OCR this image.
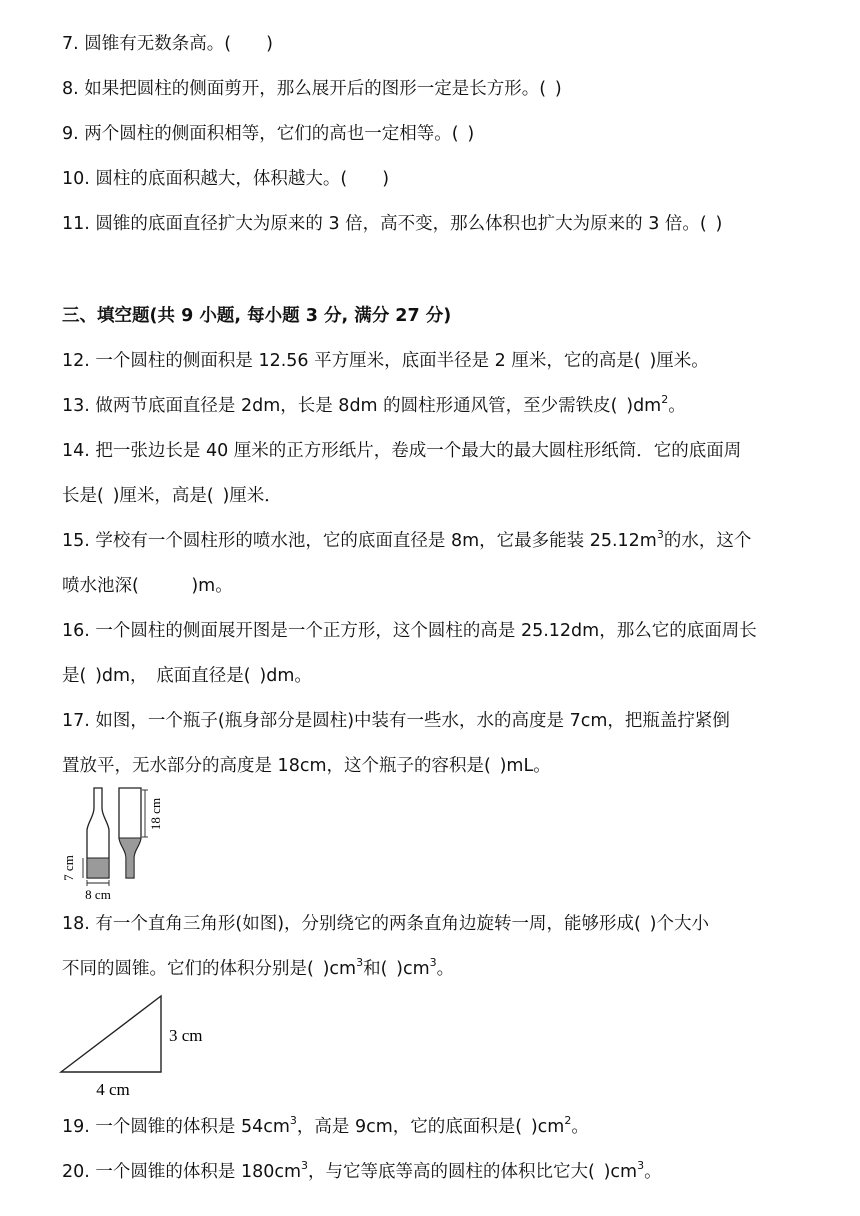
7. 圆锥有无数条高。(　　)
8. 如果把圆柱的侧面剪开，那么展开后的图形一定是长方形。( )
9. 两个圆柱的侧面积相等，它们的高也一定相等。( )
10. 圆柱的底面积越大，体积越大。(　　)
11. 圆锥的底面直径扩大为原来的 3 倍，高不变，那么体积也扩大为原来的 3 倍。( )
三、填空题(共 9 小题, 每小题 3 分, 满分 27 分)
12. 一个圆柱的侧面积是 12.56 平方厘米，底面半径是 2 厘米，它的高是( )厘米。
13. 做两节底面直径是 2dm，长是 8dm 的圆柱形通风管，至少需铁皮( )$dm^2$。
14. 把一张边长是 40 厘米的正方形纸片，卷成一个最大的最大圆柱形纸筒．它的底面周
长是( )厘米，高是( )厘米．
15. 学校有一个圆柱形的喷水池，它的底面直径是 8m，它最多能装 $25.12m^3$的水，这个
喷水池深(　　　)m。
16. 一个圆柱的侧面展开图是一个正方形，这个圆柱的高是 25.12dm，那么它的底面周长
是( )dm，　底面直径是( )dm。
17. 如图，一个瓶子(瓶身部分是圆柱)中装有一些水，水的高度是 7cm，把瓶盖拧紧倒
置放平，无水部分的高度是 18cm，这个瓶子的容积是( )mL。
18 cm
7 cm
8 cm
18. 有一个直角三角形(如图)，分别绕它的两条直角边旋转一周，能够形成( )个大小
不同的圆锥。它们的体积分别是( )$cm^3$和( )$cm^3$。
3 cm
4 cm
19. 一个圆锥的体积是 $54cm^3$，高是 9cm，它的底面积是( )$cm^2$。
20. 一个圆锥的体积是 $180cm^3$，与它等底等高的圆柱的体积比它大( )$cm^3$。
